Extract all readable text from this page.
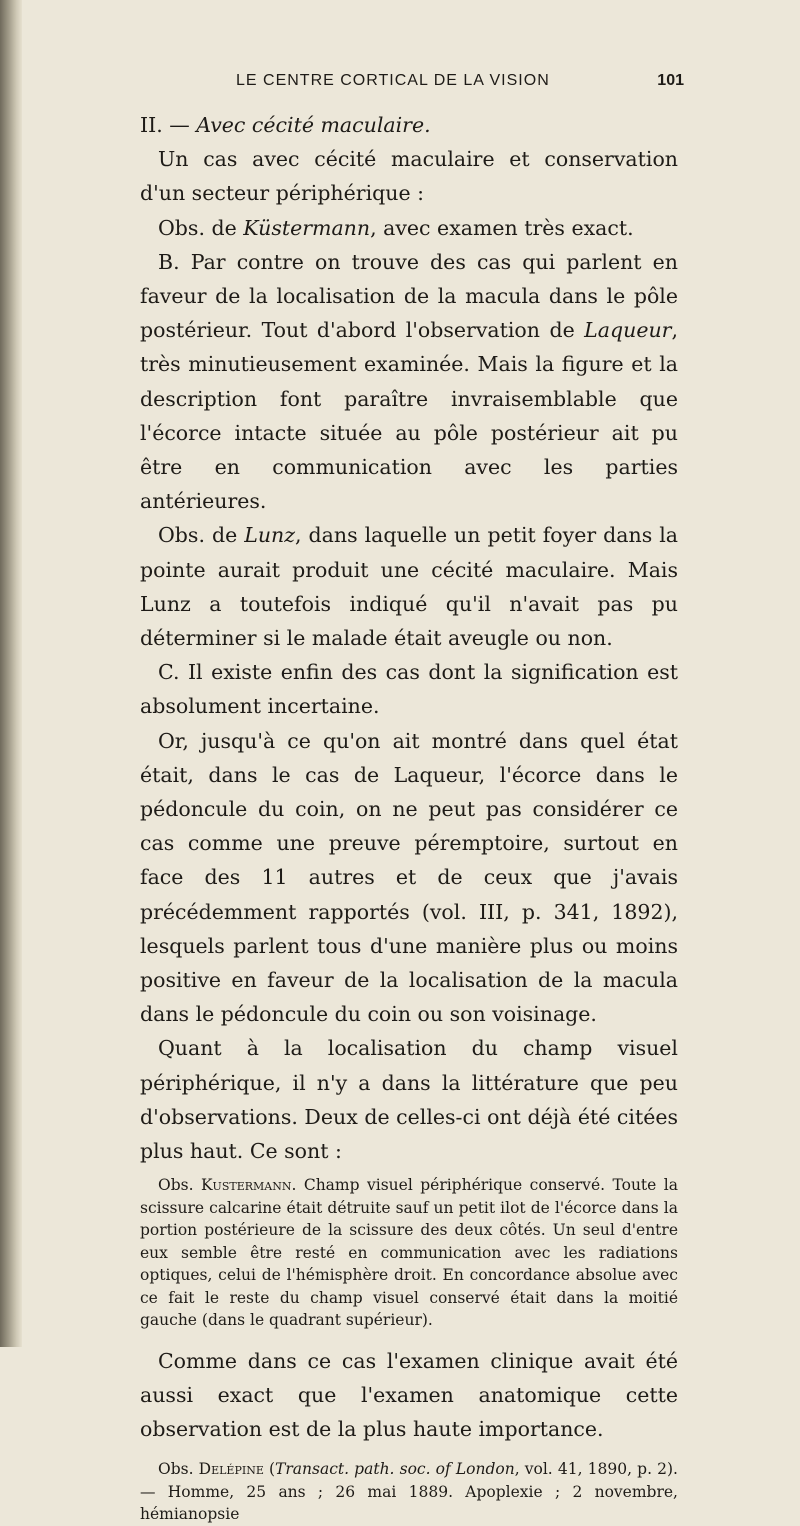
LE CENTRE CORTICAL DE LA VISION	101

II. — Avec cécité maculaire.

Un cas avec cécité maculaire et conservation d'un secteur périphérique :

Obs. de Küstermann, avec examen très exact.

B. Par contre on trouve des cas qui parlent en faveur de la localisation de la macula dans le pôle postérieur. Tout d'abord l'observation de Laqueur, très minutieusement examinée. Mais la figure et la description font paraître invraisemblable que l'écorce intacte située au pôle postérieur ait pu être en communication avec les parties antérieures.

Obs. de Lunz, dans laquelle un petit foyer dans la pointe aurait produit une cécité maculaire. Mais Lunz a toutefois indiqué qu'il n'avait pas pu déterminer si le malade était aveugle ou non.

C. Il existe enfin des cas dont la signification est absolument incertaine.

Or, jusqu'à ce qu'on ait montré dans quel état était, dans le cas de Laqueur, l'écorce dans le pédoncule du coin, on ne peut pas considérer ce cas comme une preuve péremptoire, surtout en face des 11 autres et de ceux que j'avais précédemment rapportés (vol. III, p. 341, 1892), lesquels parlent tous d'une manière plus ou moins positive en faveur de la localisation de la macula dans le pédoncule du coin ou son voisinage.

Quant à la localisation du champ visuel périphérique, il n'y a dans la littérature que peu d'observations. Deux de celles-ci ont déjà été citées plus haut. Ce sont :

Obs. Kustermann. Champ visuel périphérique conservé. Toute la scissure calcarine était détruite sauf un petit ilot de l'écorce dans la portion postérieure de la scissure des deux côtés. Un seul d'entre eux semble être resté en communication avec les radiations optiques, celui de l'hémisphère droit. En concordance absolue avec ce fait le reste du champ visuel conservé était dans la moitié gauche (dans le quadrant supérieur).

Comme dans ce cas l'examen clinique avait été aussi exact que l'examen anatomique cette observation est de la plus haute importance.

Obs. Delépine (Transact. path. soc. of London, vol. 41, 1890, p. 2). — Homme, 25 ans ; 26 mai 1889. Apoplexie ; 2 novembre, hémianopsie
